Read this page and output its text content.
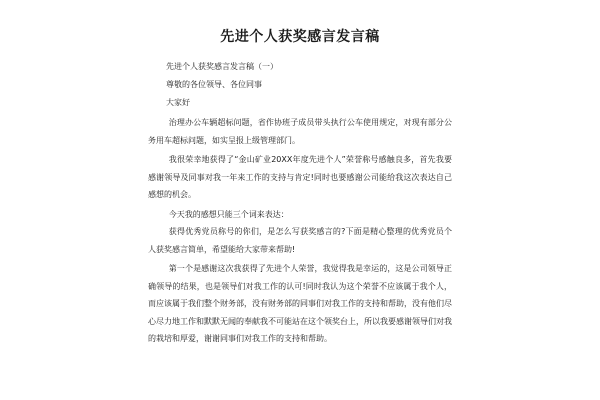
先进个人获奖感言发言稿
先进个人获奖感言发言稿（一）
尊敬的各位领导、各位同事
大家好

治理办公车辆超标问题，省作协班子成员带头执行公车使用规定，对现有部分公务用车超标问题，如实呈报上级管理部门。

我很荣幸地获得了“金山矿业20XX年度先进个人”荣誉称号感触良多，首先我要感谢领导及同事对我一年来工作的支持与肯定!同时也要感谢公司能给我这次表达自己感想的机会。

今天我的感想只能三个词来表达：

获得优秀党员称号的你们，是怎么写获奖感言的?下面是精心整理的优秀党员个人获奖感言简单，希望能给大家带来帮助!

第一个是感谢这次我获得了先进个人荣誉，我觉得我是幸运的，这是公司领导正确领导的结果，也是领导们对我工作的认可!同时我认为这个荣誉不应该属于我个人，而应该属于我们整个财务部，没有财务部的同事们对我工作的支持和帮助，没有他们尽心尽力地工作和默默无闻的奉献我不可能站在这个领奖台上，所以我要感谢领导们对我的栽培和厚爱，谢谢同事们对我工作的支持和帮助。
